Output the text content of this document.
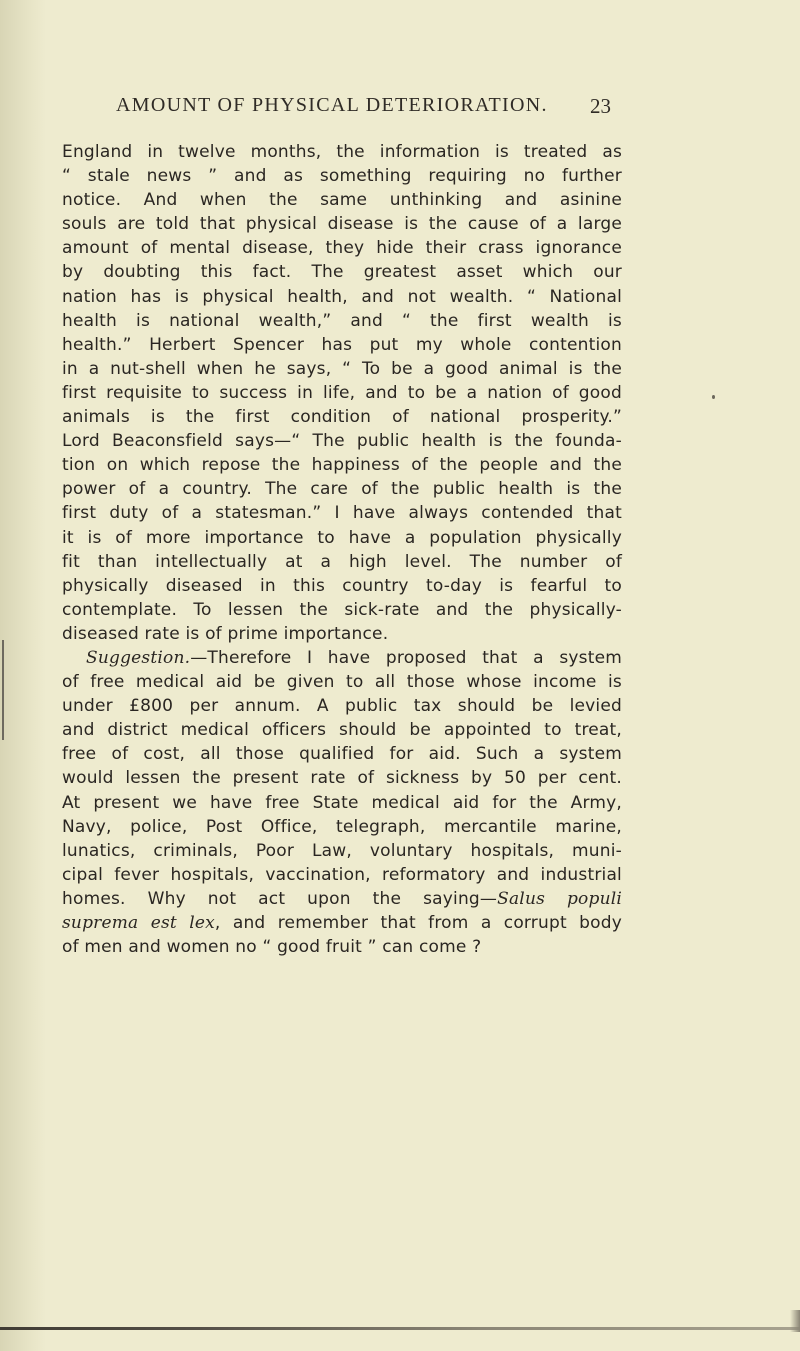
AMOUNT OF PHYSICAL DETERIORATION. 23
England in twelve months, the information is treated as
“ stale news ” and as something requiring no further
notice. And when the same unthinking and asinine
souls are told that physical disease is the cause of a large
amount of mental disease, they hide their crass ignorance
by doubting this fact. The greatest asset which our
nation has is physical health, and not wealth. “ National
health is national wealth,” and “ the first wealth is
health.” Herbert Spencer has put my whole contention
in a nut-shell when he says, “ To be a good animal is the
first requisite to success in life, and to be a nation of good
animals is the first condition of national prosperity.”
Lord Beaconsfield says—“ The public health is the founda-
tion on which repose the happiness of the people and the
power of a country. The care of the public health is the
first duty of a statesman.” I have always contended that
it is of more importance to have a population physically
fit than intellectually at a high level. The number of
physically diseased in this country to-day is fearful to
contemplate. To lessen the sick-rate and the physically-
diseased rate is of prime importance.
Suggestion.—Therefore I have proposed that a system
of free medical aid be given to all those whose income is
under £800 per annum. A public tax should be levied
and district medical officers should be appointed to treat,
free of cost, all those qualified for aid. Such a system
would lessen the present rate of sickness by 50 per cent.
At present we have free State medical aid for the Army,
Navy, police, Post Office, telegraph, mercantile marine,
lunatics, criminals, Poor Law, voluntary hospitals, muni-
cipal fever hospitals, vaccination, reformatory and industrial
homes. Why not act upon the saying—Salus populi
suprema est lex, and remember that from a corrupt body
of men and women no “ good fruit ” can come ?
